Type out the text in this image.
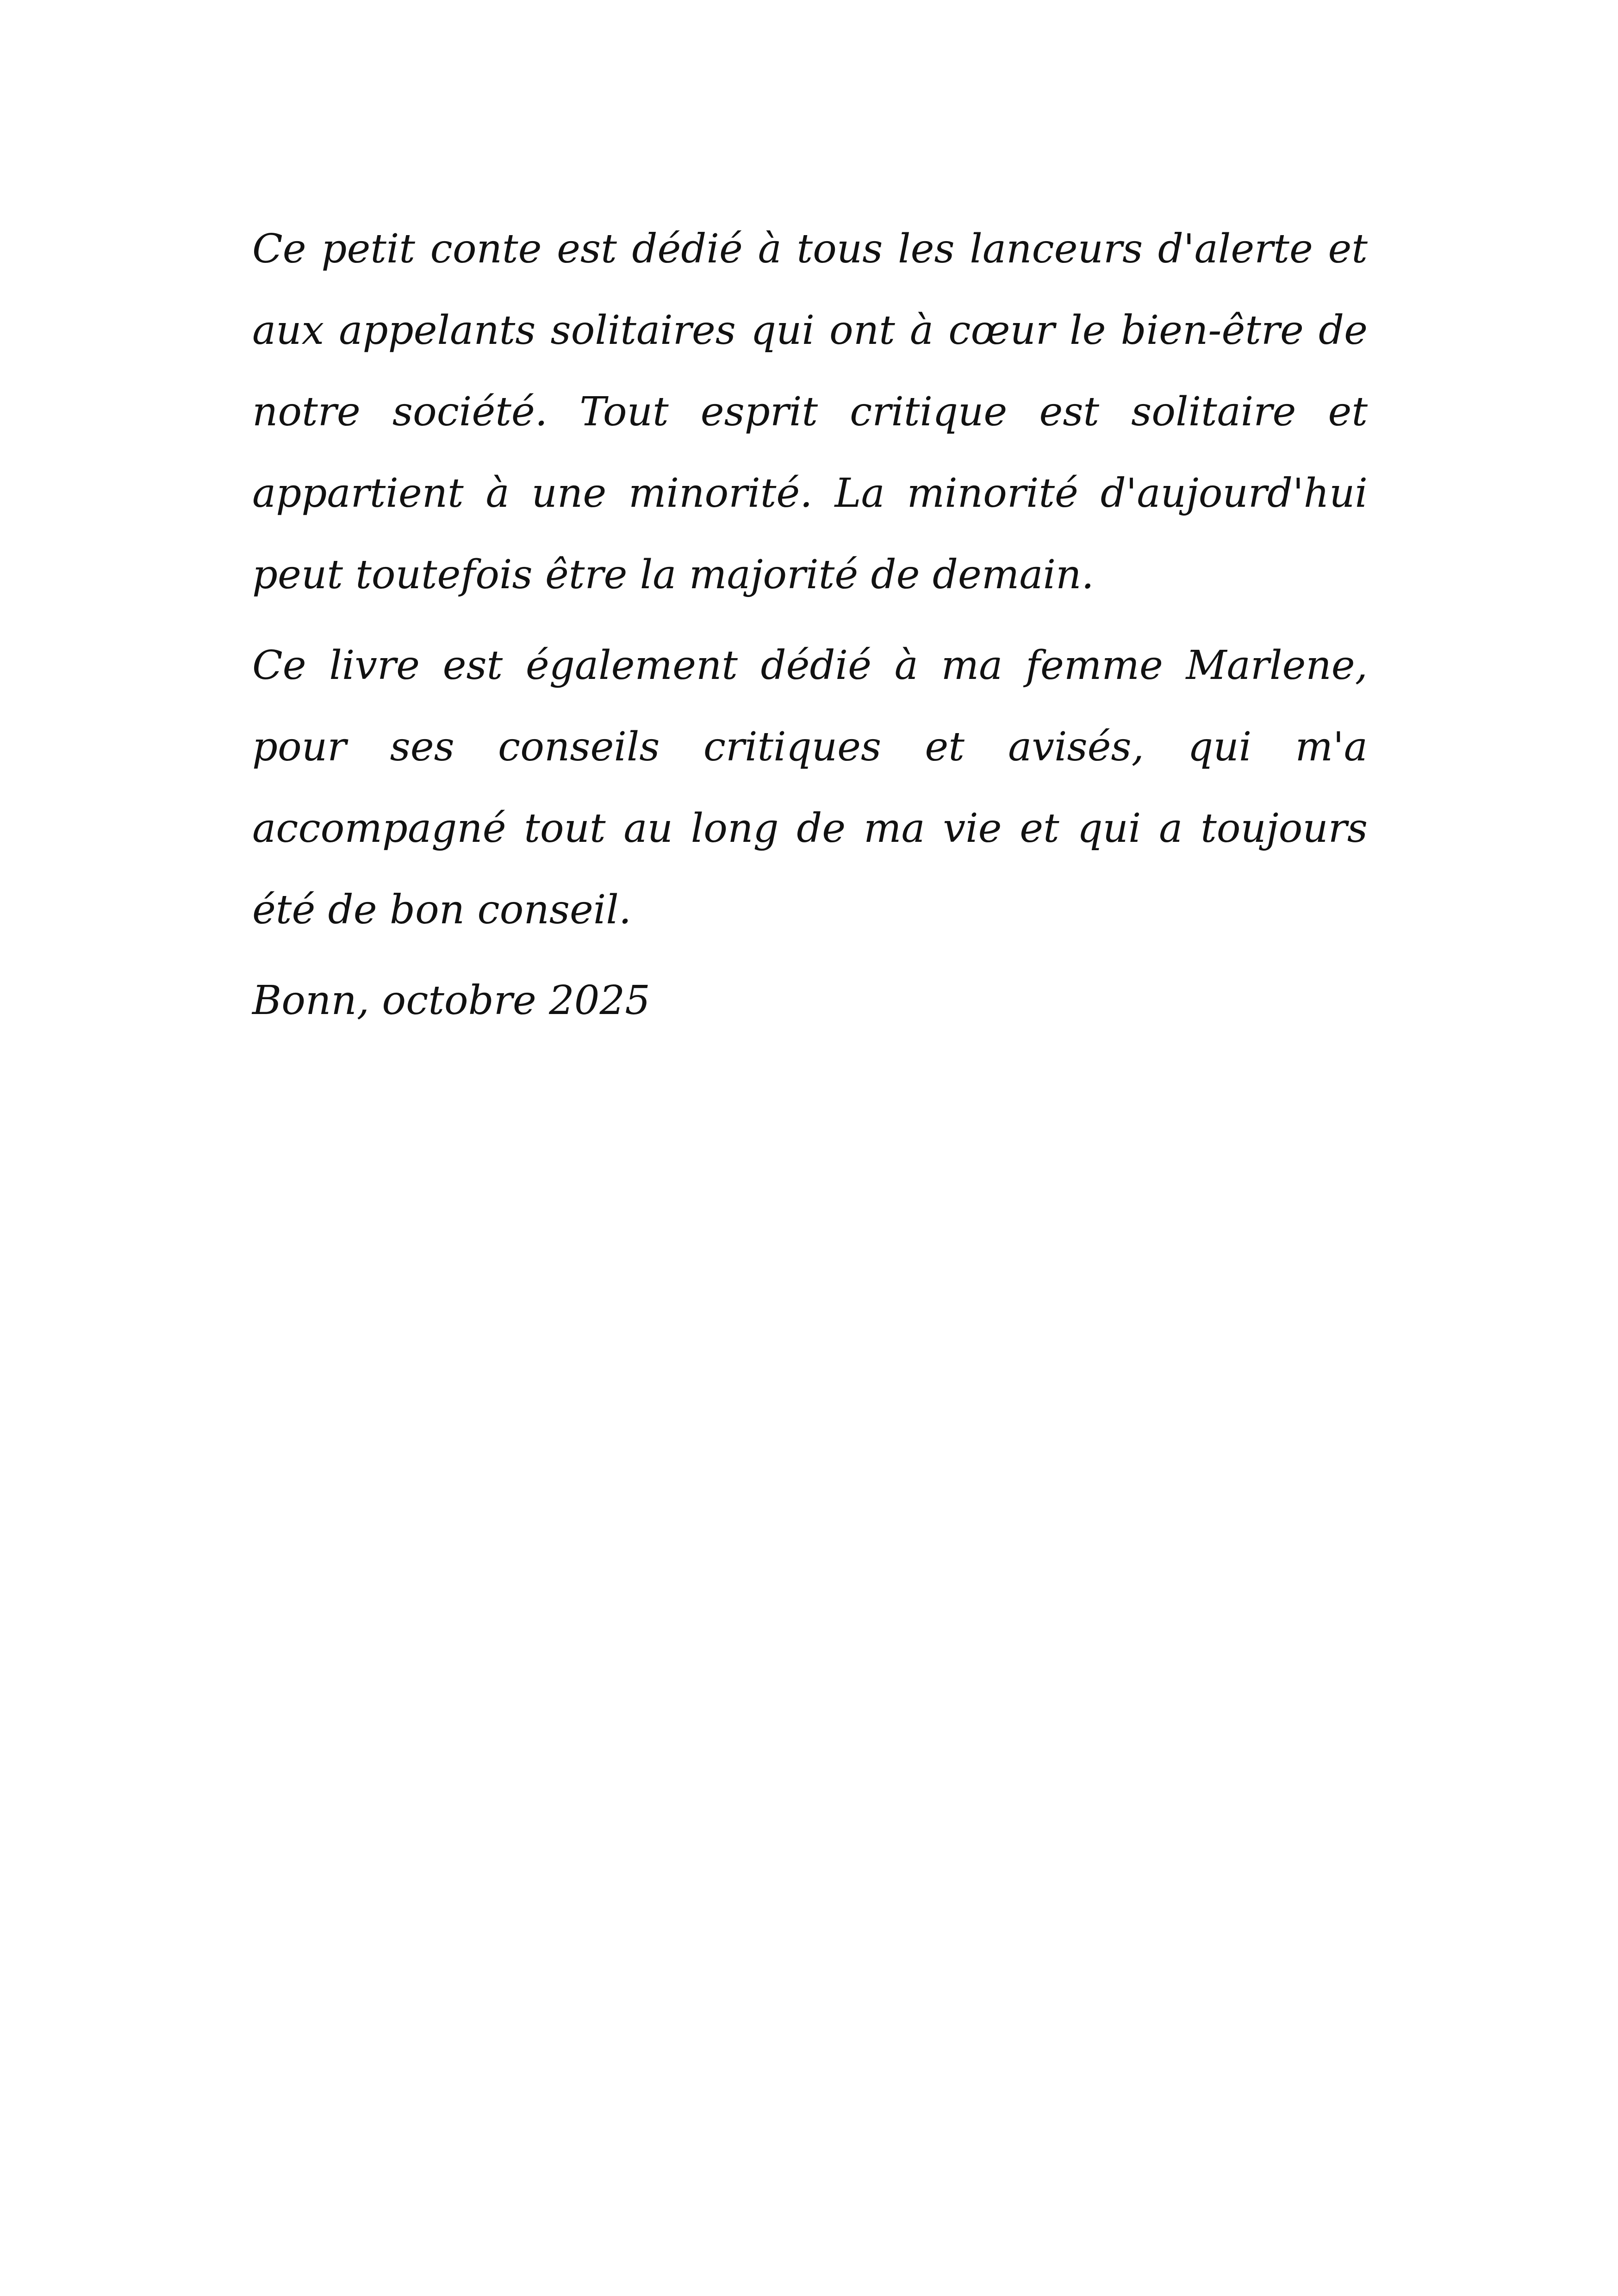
Ce petit conte est dédié à tous les lanceurs d'alerte et aux appelants solitaires qui ont à cœur le bien-être de notre société. Tout esprit critique est solitaire et appartient à une minorité. La minorité d'aujourd'hui peut toutefois être la majorité de demain.

Ce livre est également dédié à ma femme Marlene, pour ses conseils critiques et avisés, qui m'a accompagné tout au long de ma vie et qui a toujours été de bon conseil.

Bonn, octobre 2025
